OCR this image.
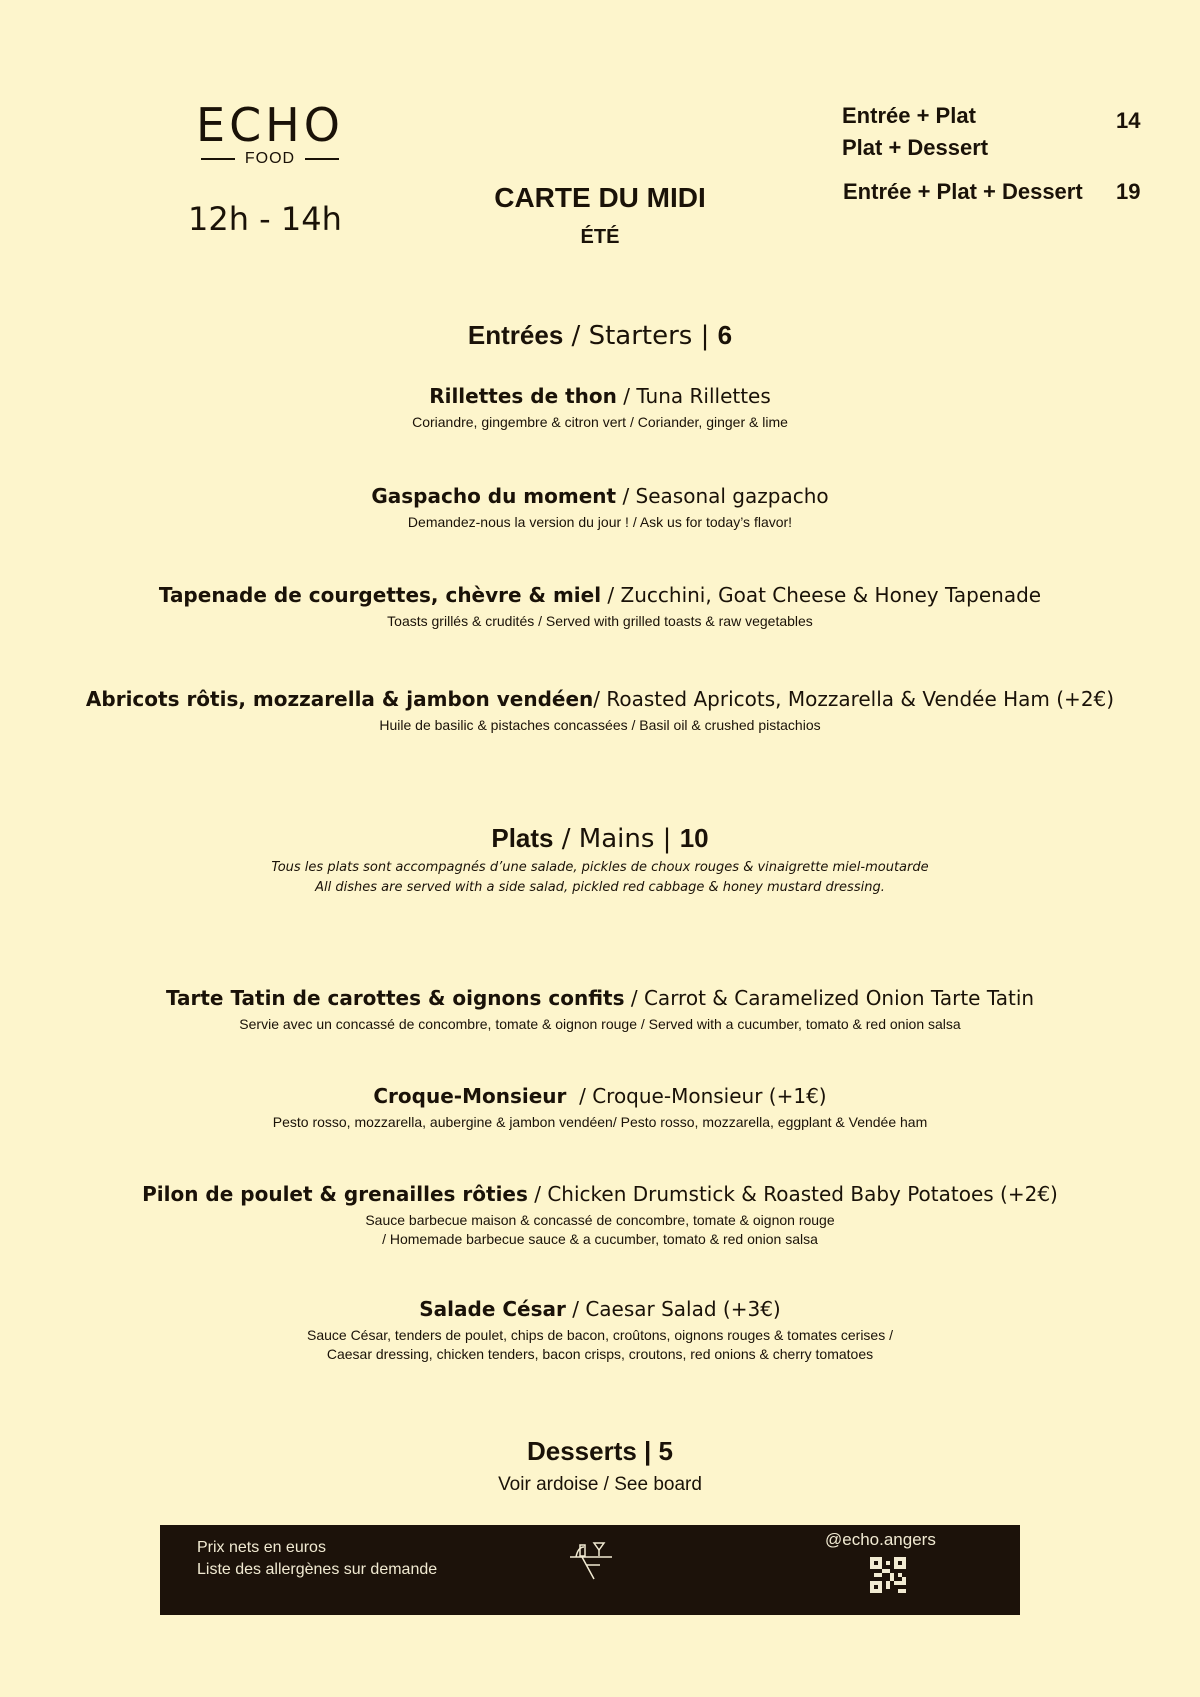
ECHO
FOOD
12h - 14h
CARTE DU MIDI
ÉTÉ
Entrée + Plat
Plat + Dessert
14
Entrée + Plat + Dessert 19
Entrées / Starters | 6
Rillettes de thon / Tuna Rillettes
Coriandre, gingembre & citron vert / Coriander, ginger & lime
Gaspacho du moment / Seasonal gazpacho
Demandez-nous la version du jour ! / Ask us for today’s flavor!
Tapenade de courgettes, chèvre & miel / Zucchini, Goat Cheese & Honey Tapenade
Toasts grillés & crudités / Served with grilled toasts & raw vegetables
Abricots rôtis, mozzarella & jambon vendéen/ Roasted Apricots, Mozzarella & Vendée Ham (+2€)
Huile de basilic & pistaches concassées / Basil oil & crushed pistachios
Plats / Mains | 10
Tous les plats sont accompagnés d’une salade, pickles de choux rouges & vinaigrette miel-moutarde
All dishes are served with a side salad, pickled red cabbage & honey mustard dressing.
Tarte Tatin de carottes & oignons confits / Carrot & Caramelized Onion Tarte Tatin
Servie avec un concassé de concombre, tomate & oignon rouge / Served with a cucumber, tomato & red onion salsa
Croque-Monsieur  / Croque-Monsieur (+1€)
Pesto rosso, mozzarella, aubergine & jambon vendéen/ Pesto rosso, mozzarella, eggplant & Vendée ham
Pilon de poulet & grenailles rôties / Chicken Drumstick & Roasted Baby Potatoes (+2€)
Sauce barbecue maison & concassé de concombre, tomate & oignon rouge
/ Homemade barbecue sauce & a cucumber, tomato & red onion salsa
Salade César / Caesar Salad (+3€)
Sauce César, tenders de poulet, chips de bacon, croûtons, oignons rouges & tomates cerises /
Caesar dressing, chicken tenders, bacon crisps, croutons, red onions & cherry tomatoes
Desserts | 5
Voir ardoise / See board
Prix nets en euros
Liste des allergènes sur demande
@echo.angers
